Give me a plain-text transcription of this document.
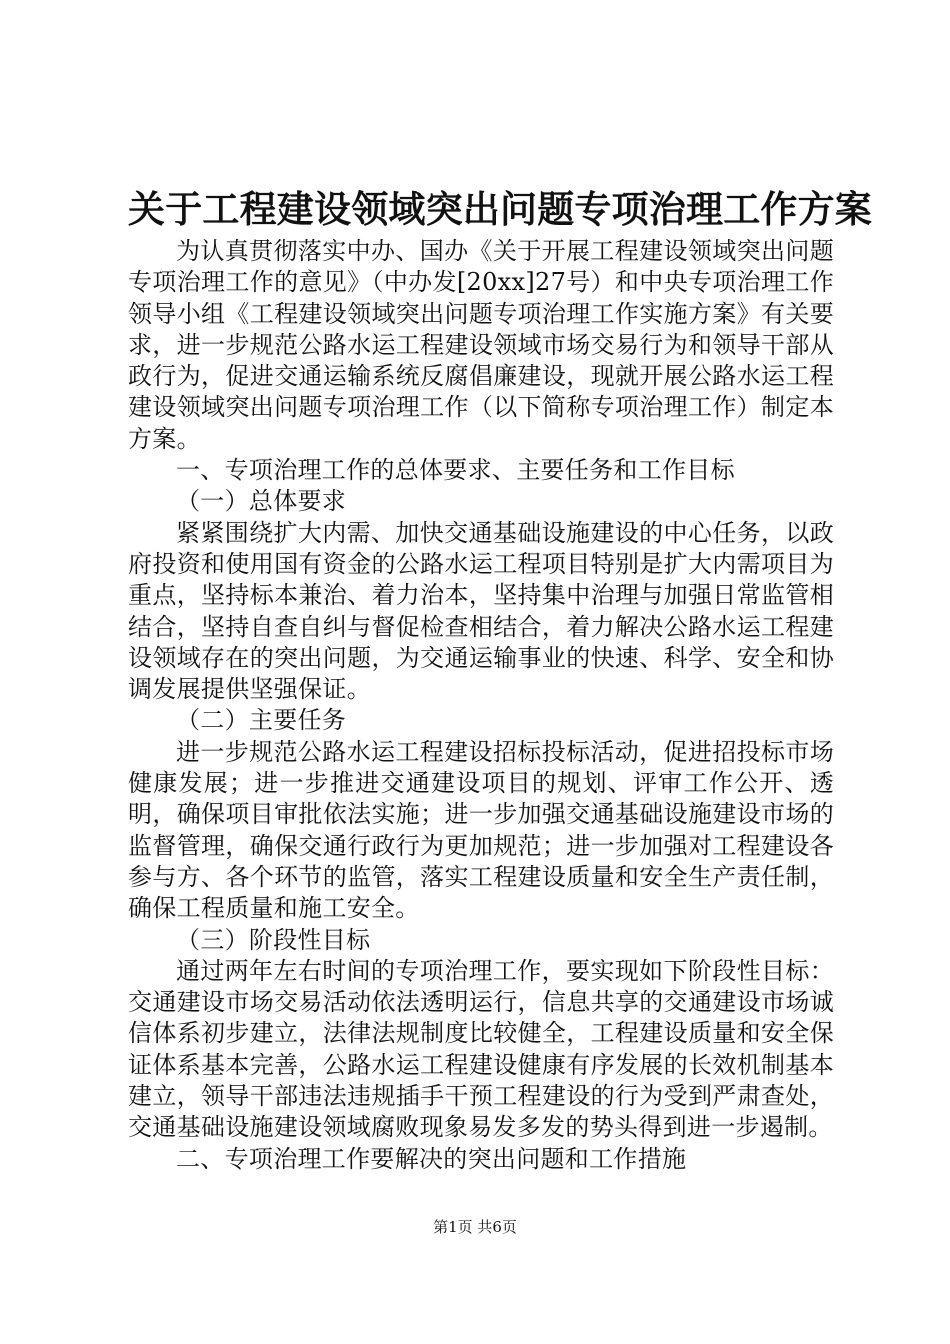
关于工程建设领域突出问题专项治理工作方案

为认真贯彻落实中办、国办《关于开展工程建设领域突出问题专项治理工作的意见》（中办发[20xx]27号）和中央专项治理工作领导小组《工程建设领域突出问题专项治理工作实施方案》有关要求，进一步规范公路水运工程建设领域市场交易行为和领导干部从政行为，促进交通运输系统反腐倡廉建设，现就开展公路水运工程建设领域突出问题专项治理工作（以下简称专项治理工作）制定本方案。

一、专项治理工作的总体要求、主要任务和工作目标

（一）总体要求

紧紧围绕扩大内需、加快交通基础设施建设的中心任务，以政府投资和使用国有资金的公路水运工程项目特别是扩大内需项目为重点，坚持标本兼治、着力治本，坚持集中治理与加强日常监管相结合，坚持自查自纠与督促检查相结合，着力解决公路水运工程建设领域存在的突出问题，为交通运输事业的快速、科学、安全和协调发展提供坚强保证。

（二）主要任务

进一步规范公路水运工程建设招标投标活动，促进招投标市场健康发展；进一步推进交通建设项目的规划、评审工作公开、透明，确保项目审批依法实施；进一步加强交通基础设施建设市场的监督管理，确保交通行政行为更加规范；进一步加强对工程建设各参与方、各个环节的监管，落实工程建设质量和安全生产责任制，确保工程质量和施工安全。

（三）阶段性目标

通过两年左右时间的专项治理工作，要实现如下阶段性目标：交通建设市场交易活动依法透明运行，信息共享的交通建设市场诚信体系初步建立，法律法规制度比较健全，工程建设质量和安全保证体系基本完善，公路水运工程建设健康有序发展的长效机制基本建立，领导干部违法违规插手干预工程建设的行为受到严肃查处，交通基础设施建设领域腐败现象易发多发的势头得到进一步遏制。

二、专项治理工作要解决的突出问题和工作措施

第1页 共6页
